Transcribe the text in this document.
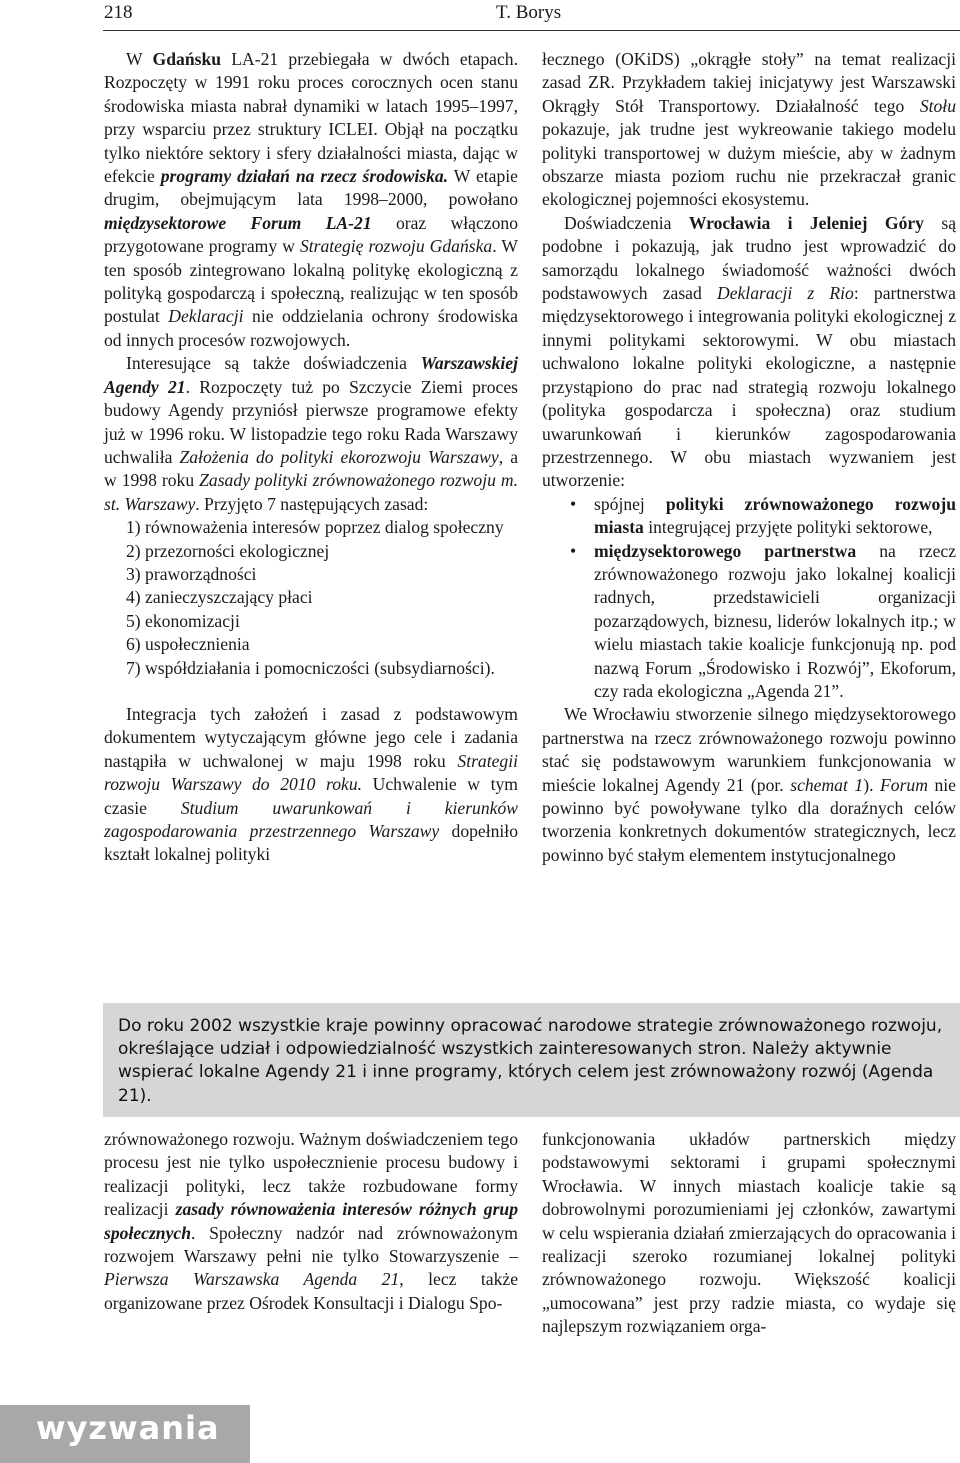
218	T. Borys

W Gdańsku LA-21 przebiegała w dwóch etapach. Rozpoczęty w 1991 roku proces corocznych ocen stanu środowiska miasta nabrał dynamiki w latach 1995–1997, przy wsparciu przez struktury ICLEI. Objął na początku tylko niektóre sektory i sfery działalności miasta, dając w efekcie programy działań na rzecz środowiska. W etapie drugim, obejmującym lata 1998–2000, powołano międzysektorowe Forum LA-21 oraz włączono przygotowane programy w Strategię rozwoju Gdańska. W ten sposób zintegrowano lokalną politykę ekologiczną z polityką gospodarczą i społeczną, realizując w ten sposób postulat Deklaracji nie oddzielania ochrony środowiska od innych procesów rozwojowych.

Interesujące są także doświadczenia Warszawskiej Agendy 21. Rozpoczęty tuż po Szczycie Ziemi proces budowy Agendy przyniósł pierwsze programowe efekty już w 1996 roku. W listopadzie tego roku Rada Warszawy uchwaliła Założenia do polityki ekorozwoju Warszawy, a w 1998 roku Zasady polityki zrównoważonego rozwoju m. st. Warszawy. Przyjęto 7 następujących zasad:

1) równoważenia interesów poprzez dialog społeczny
2) przezorności ekologicznej
3) praworządności
4) zanieczyszczający płaci
5) ekonomizacji
6) uspołecznienia
7) współdziałania i pomocniczości (subsydiarności).

Integracja tych założeń i zasad z podstawowym dokumentem wytyczającym główne jego cele i zadania nastąpiła w uchwalonej w maju 1998 roku Strategii rozwoju Warszawy do 2010 roku. Uchwalenie w tym czasie Studium uwarunkowań i kierunków zagospodarowania przestrzennego Warszawy dopełniło kształt lokalnej polityki

łecznego (OKiDS) „okrągłe stoły” na temat realizacji zasad ZR. Przykładem takiej inicjatywy jest Warszawski Okrągły Stół Transportowy. Działalność tego Stołu pokazuje, jak trudne jest wykreowanie takiego modelu polityki transportowej w dużym mieście, aby w żadnym obszarze miasta poziom ruchu nie przekraczał granic ekologicznej pojemności ekosystemu.

Doświadczenia Wrocławia i Jeleniej Góry są podobne i pokazują, jak trudno jest wprowadzić do samorządu lokalnego świadomość ważności dwóch podstawowych zasad Deklaracji z Rio: partnerstwa międzysektorowego i integrowania polityki ekologicznej z innymi politykami sektorowymi. W obu miastach uchwalono lokalne polityki ekologiczne, a następnie przystąpiono do prac nad strategią rozwoju lokalnego (polityka gospodarcza i społeczna) oraz studium uwarunkowań i kierunków zagospodarowania przestrzennego. W obu miastach wyzwaniem jest utworzenie:

• spójnej polityki zrównoważonego rozwoju miasta integrującej przyjęte polityki sektorowe,
• międzysektorowego partnerstwa na rzecz zrównoważonego rozwoju jako lokalnej koalicji radnych, przedstawicieli organizacji pozarządowych, biznesu, liderów lokalnych itp.; w wielu miastach takie koalicje funkcjonują np. pod nazwą Forum „Środowisko i Rozwój”, Ekoforum, czy rada ekologiczna „Agenda 21”.

We Wrocławiu stworzenie silnego międzysektorowego partnerstwa na rzecz zrównoważonego rozwoju powinno stać się podstawowym warunkiem funkcjonowania w mieście lokalnej Agendy 21 (por. schemat 1). Forum nie powinno być powoływane tylko dla doraźnych celów tworzenia konkretnych dokumentów strategicznych, lecz powinno być stałym elementem instytucjonalnego

Do roku 2002 wszystkie kraje powinny opracować narodowe strategie zrównoważonego rozwoju, określające udział i odpowiedzialność wszystkich zainteresowanych stron. Należy aktywnie wspierać lokalne Agendy 21 i inne programy, których celem jest zrównoważony rozwój (Agenda 21).

zrównoważonego rozwoju. Ważnym doświadczeniem tego procesu jest nie tylko uspołecznienie procesu budowy i realizacji polityki, lecz także rozbudowane formy realizacji zasady równoważenia interesów różnych grup społecznych. Społeczny nadzór nad zrównoważonym rozwojem Warszawy pełni nie tylko Stowarzyszenie – Pierwsza Warszawska Agenda 21, lecz także organizowane przez Ośrodek Konsultacji i Dialogu Spo-

funkcjonowania układów partnerskich między podstawowymi sektorami i grupami społecznymi Wrocławia. W innych miastach koalicje takie są dobrowolnymi porozumieniami jej członków, zawartymi w celu wspierania działań zmierzających do opracowania i realizacji szeroko rozumianej lokalnej polityki zrównoważonego rozwoju. Większość koalicji „umocowana” jest przy radzie miasta, co wydaje się najlepszym rozwiązaniem orga-

wyzwania
